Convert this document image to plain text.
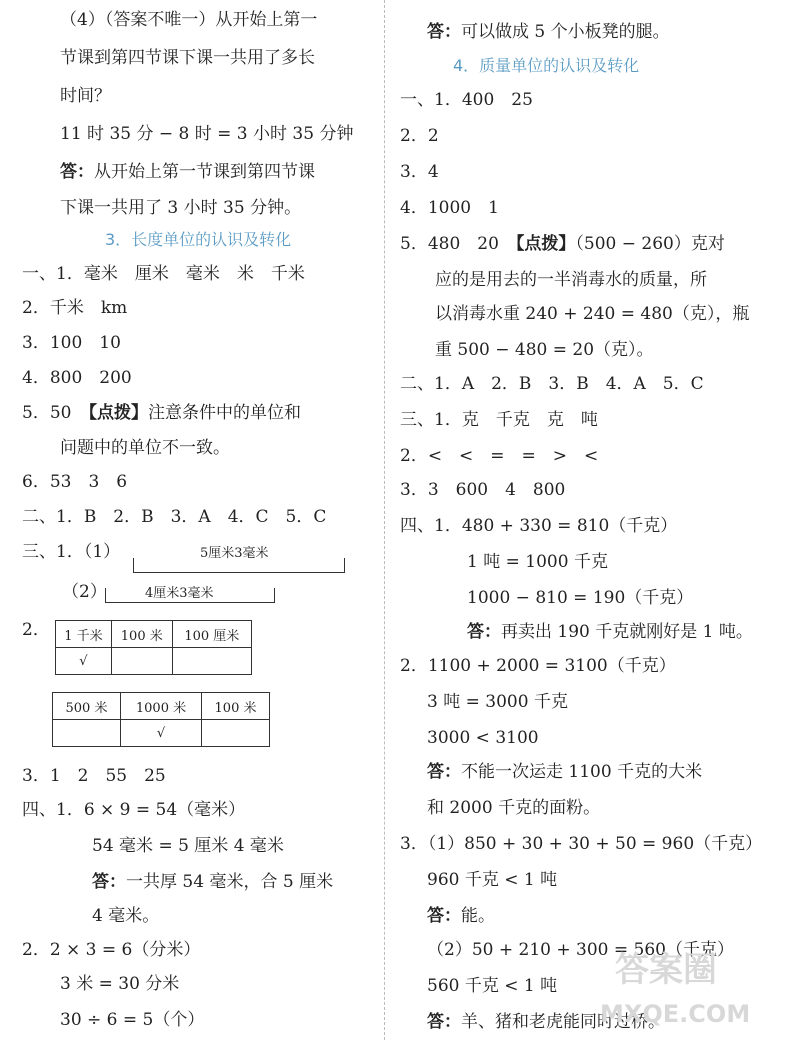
（4）（答案不唯一）从开始上第一
节课到第四节课下课一共用了多长
时间？
11 时 35 分 − 8 时 = 3 小时 35 分钟
答：从开始上第一节课到第四节课
下课一共用了 3 小时 35 分钟。
3．长度单位的认识及转化
一、1．毫米　厘米　毫米　米　千米
2．千米　km
3．100　10
4．800　200
5．50　【点拨】注意条件中的单位和
问题中的单位不一致。
6．53　3　6
二、1．B　2．B　3．A　4．C　5．C
三、1．（1）	5厘米3毫米
（2）	4厘米3毫米
2． 1 千米	100 米	100 厘米
√		
500 米	1000 米	100 米
	√	
3．1　2　55　25
四、1．6 × 9 = 54（毫米）
54 毫米 = 5 厘米 4 毫米
答：一共厚 54 毫米，合 5 厘米
4 毫米。
2．2 × 3 = 6（分米）
3 米 = 30 分米
30 ÷ 6 = 5（个）
答：可以做成 5 个小板凳的腿。
4．质量单位的认识及转化
一、1．400　25
2．2
3．4
4．1000　1
5．480　20　【点拨】（500 − 260）克对
应的是用去的一半消毒水的质量，所
以消毒水重 240 + 240 = 480（克），瓶
重 500 − 480 = 20（克）。
二、1．A　2．B　3．B　4．A　5．C
三、1．克　千克　克　吨
2．<　<　=　=　>　<
3．3　600　4　800
四、1．480 + 330 = 810（千克）
1 吨 = 1000 千克
1000 − 810 = 190（千克）
答：再卖出 190 千克就刚好是 1 吨。
2．1100 + 2000 = 3100（千克）
3 吨 = 3000 千克
3000 < 3100
答：不能一次运走 1100 千克的大米
和 2000 千克的面粉。
3．（1）850 + 30 + 30 + 50 = 960（千克）
960 千克 < 1 吨
答：能。
（2）50 + 210 + 300 = 560（千克）
560 千克 < 1 吨
答：羊、猪和老虎能同时过桥。
答案圈
MXQE.COM
